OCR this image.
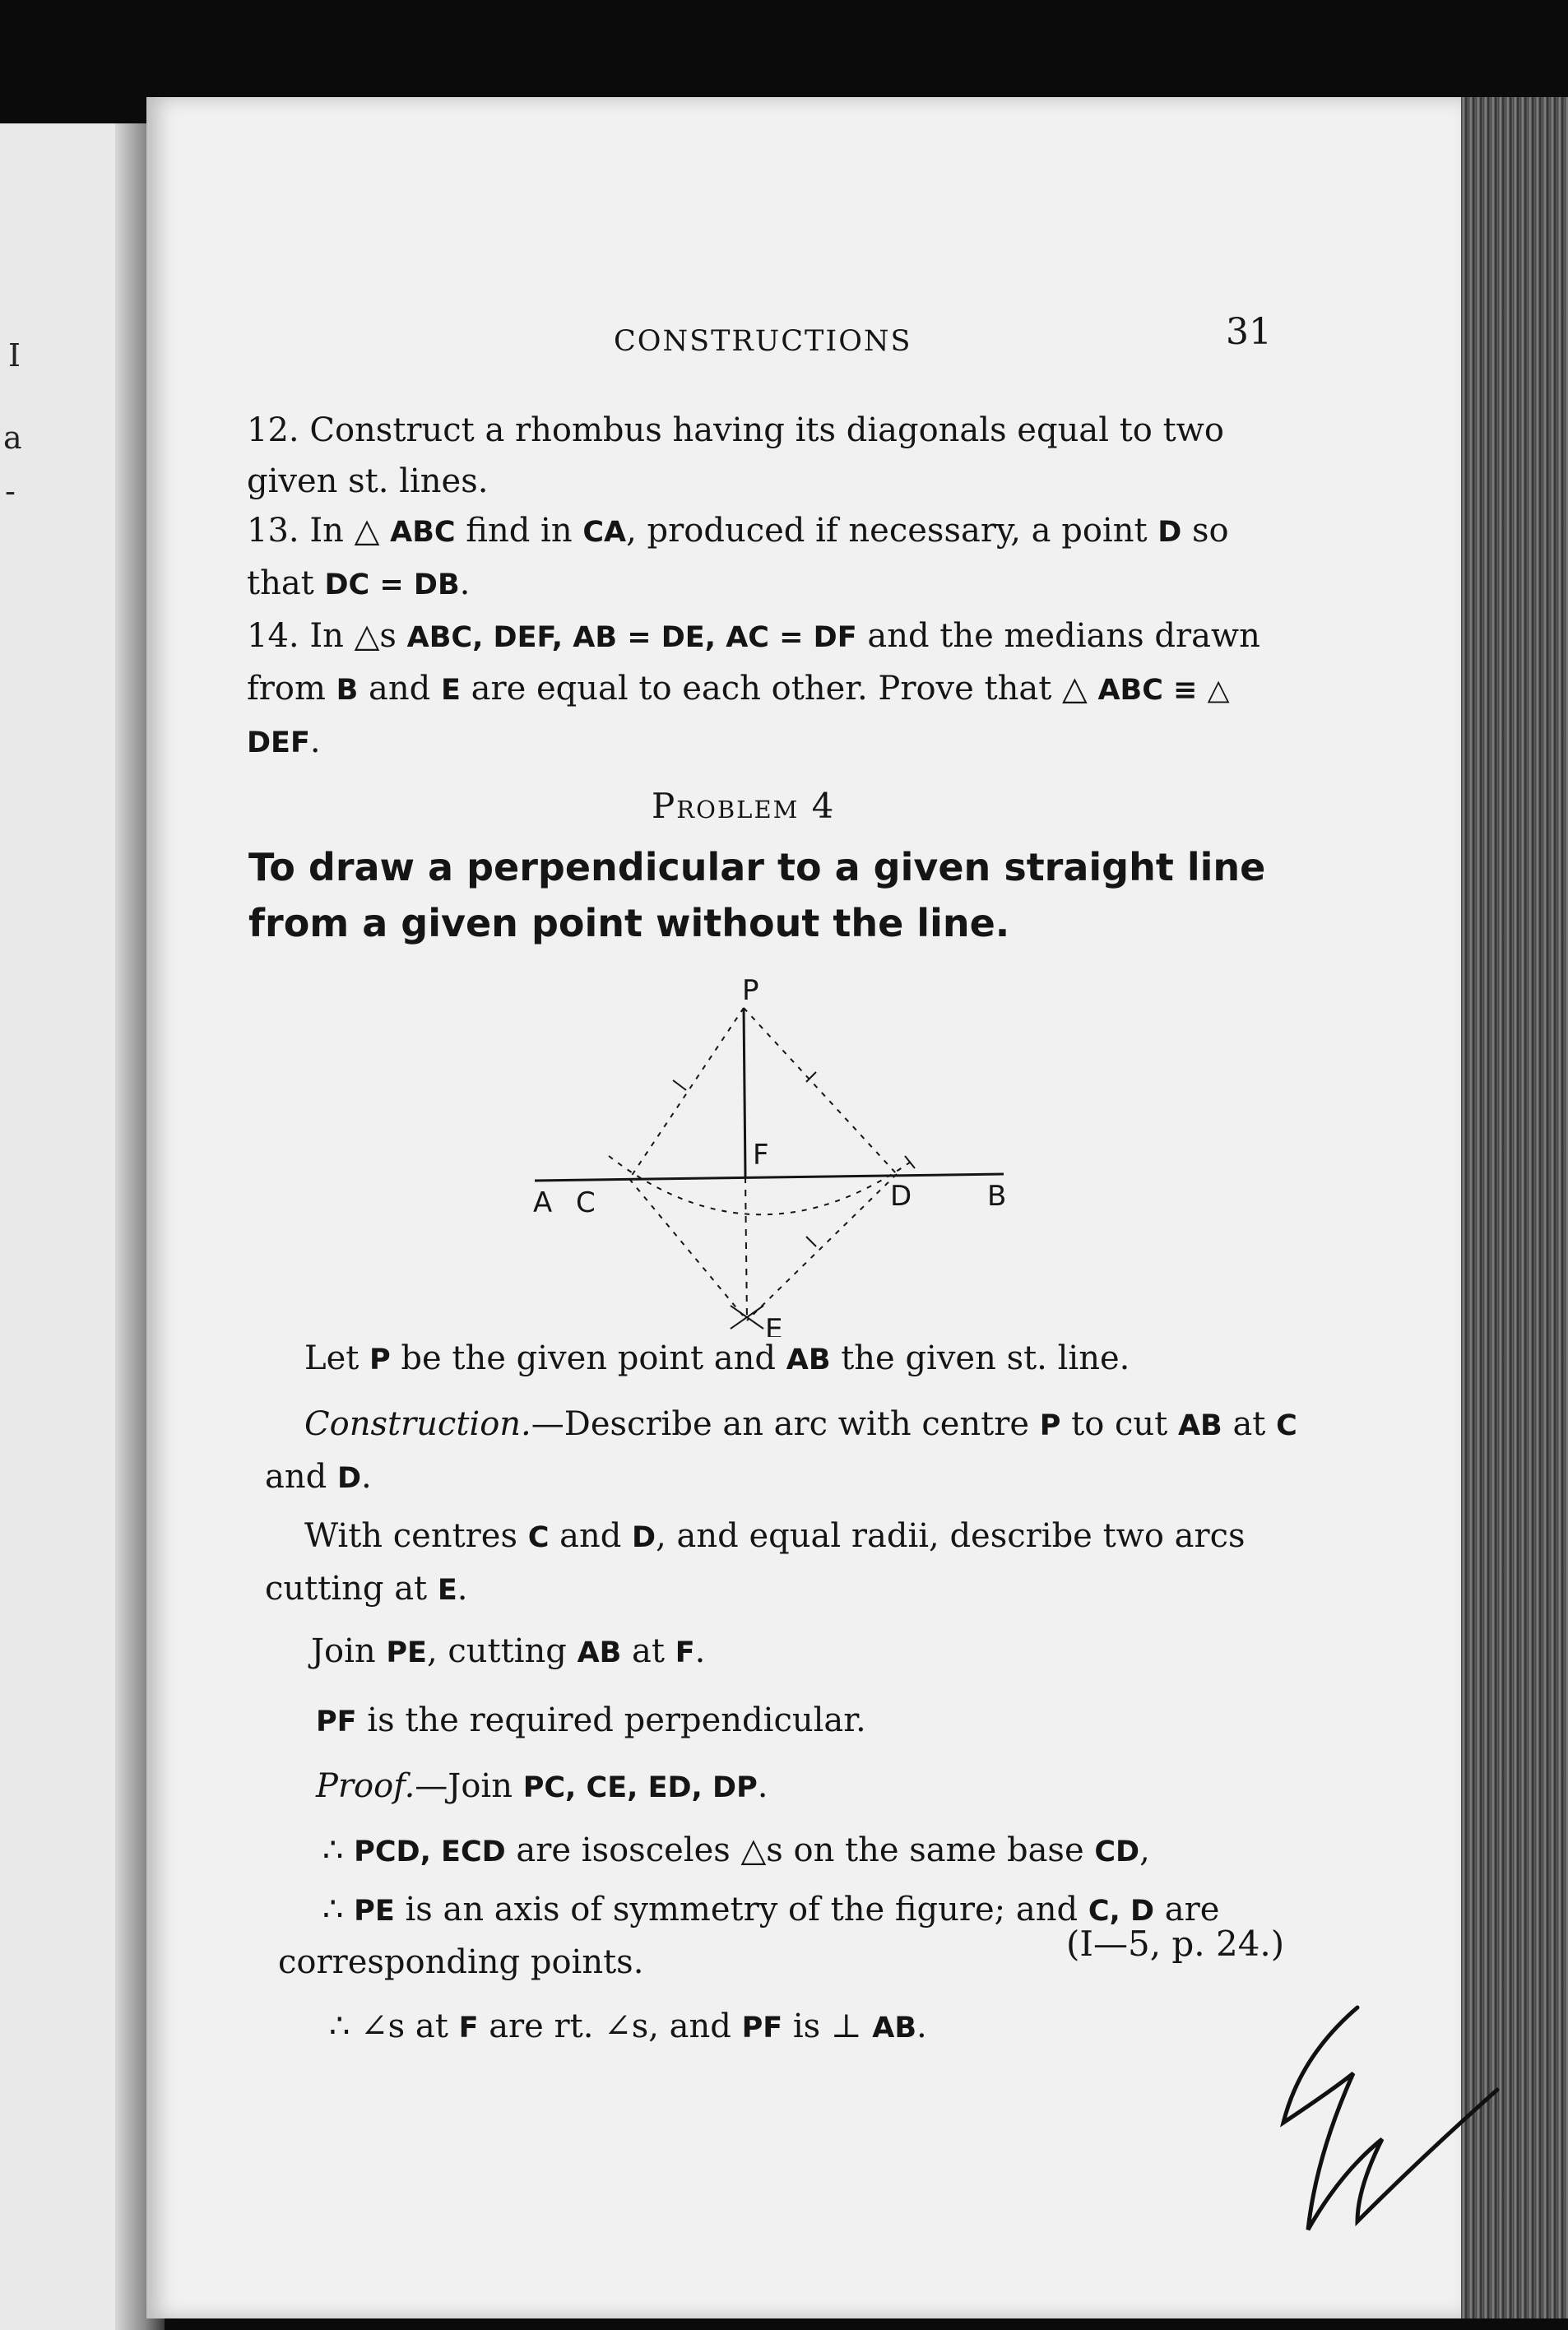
I
a
-
CONSTRUCTIONS	31

12. Construct a rhombus having its diagonals equal to two given st. lines.

13. In △ ABC find in CA, produced if necessary, a point D so that DC = DB.

14. In △s ABC, DEF, AB = DE, AC = DF and the medians drawn from B and E are equal to each other. Prove that △ ABC ≡ △ DEF.

Problem 4

To draw a perpendicular to a given straight line from a given point without the line.

P
F
A C	D	B
E

Let P be the given point and AB the given st. line.

Construction.—Describe an arc with centre P to cut AB at C and D.

With centres C and D, and equal radii, describe two arcs cutting at E.

Join PE, cutting AB at F.

PF is the required perpendicular.

Proof.—Join PC, CE, ED, DP.

∴ PCD, ECD are isosceles △s on the same base CD,

∴ PE is an axis of symmetry of the figure; and C, D are corresponding points.	(I—5, p. 24.)

∴ ∠s at F are rt. ∠s, and PF is ⊥ AB.
